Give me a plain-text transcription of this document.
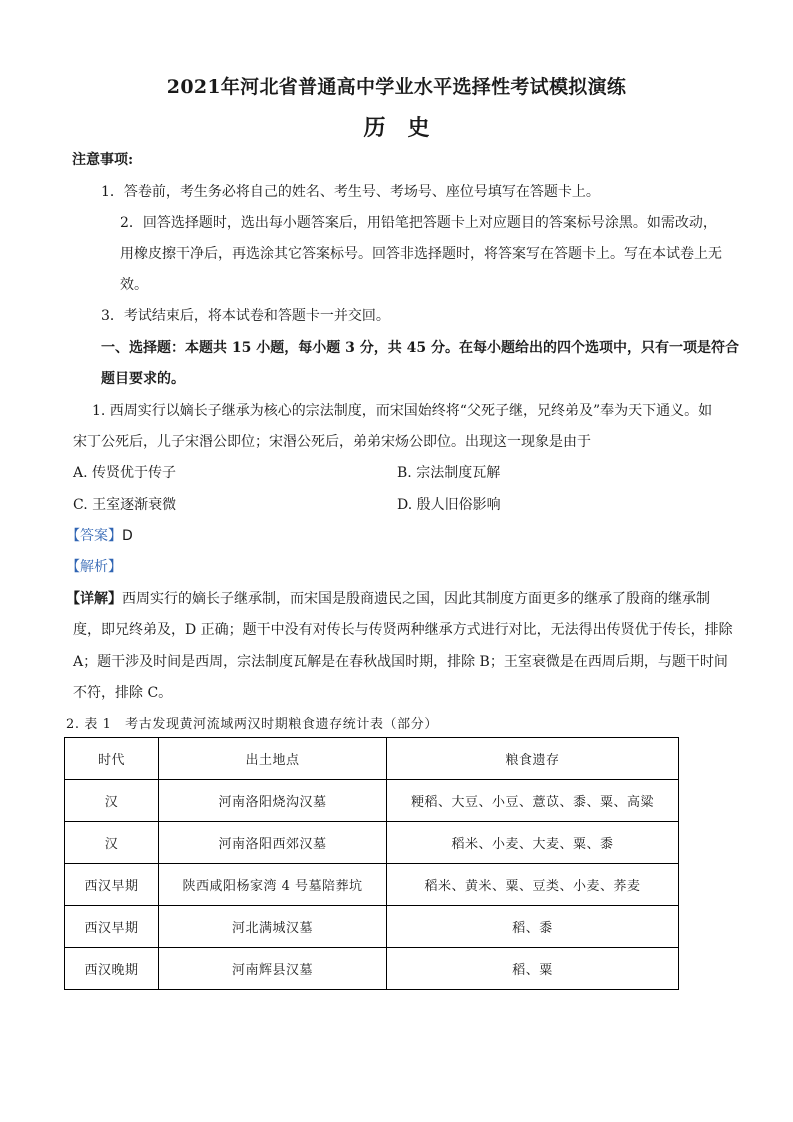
2021年河北省普通高中学业水平选择性考试模拟演练
历史
注意事项:
1．答卷前，考生务必将自己的姓名、考生号、考场号、座位号填写在答题卡上。
2．回答选择题时，选出每小题答案后，用铅笔把答题卡上对应题目的答案标号涂黑。如需改动，
用橡皮擦干净后，再选涂其它答案标号。回答非选择题时，将答案写在答题卡上。写在本试卷上无
效。
3．考试结束后，将本试卷和答题卡一并交回。
一、选择题：本题共 15 小题，每小题 3 分，共 45 分。在每小题给出的四个选项中，只有一项是符合
题目要求的。
1. 西周实行以嫡长子继承为核心的宗法制度，而宋国始终将“父死子继，兄终弟及”奉为天下通义。如
宋丁公死后，儿子宋湣公即位；宋湣公死后，弟弟宋炀公即位。出现这一现象是由于
A. 传贤优于传子	B. 宗法制度瓦解
C. 王室逐渐衰微	D. 殷人旧俗影响
【答案】D
【解析】
【详解】西周实行的嫡长子继承制，而宋国是殷商遗民之国，因此其制度方面更多的继承了殷商的继承制
度，即兄终弟及，D 正确；题干中没有对传长与传贤两种继承方式进行对比，无法得出传贤优于传长，排除
A；题干涉及时间是西周，宗法制度瓦解是在春秋战国时期，排除 B；王室衰微是在西周后期，与题干时间
不符，排除 C。
2. 表 1　考古发现黄河流域两汉时期粮食遗存统计表（部分）
时代	出土地点	粮食遗存
汉	河南洛阳烧沟汉墓	粳稻、大豆、小豆、薏苡、黍、粟、高粱
汉	河南洛阳西郊汉墓	稻米、小麦、大麦、粟、黍
西汉早期	陕西咸阳杨家湾 4 号墓陪葬坑	稻米、黄米、粟、豆类、小麦、荞麦
西汉早期	河北满城汉墓	稻、黍
西汉晚期	河南辉县汉墓	稻、粟
